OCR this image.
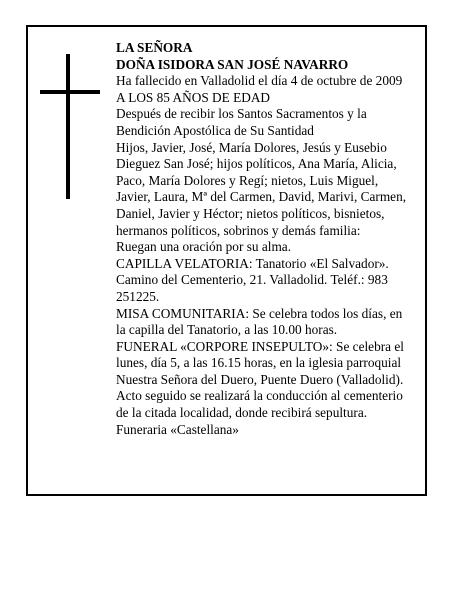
LA SEÑORA
DOÑA ISIDORA SAN JOSÉ NAVARRO
Ha fallecido en Valladolid el día 4 de octubre de 2009
A LOS 85 AÑOS DE EDAD
Después de recibir los Santos Sacramentos y la
Bendición Apostólica de Su Santidad
Hijos, Javier, José, María Dolores, Jesús y Eusebio
Dieguez San José; hijos políticos, Ana María, Alicia,
Paco, María Dolores y Regí; nietos, Luis Miguel,
Javier, Laura, Mª del Carmen, David, Marivi, Carmen,
Daniel, Javier y Héctor; nietos políticos, bisnietos,
hermanos políticos, sobrinos y demás familia:
Ruegan una oración por su alma.
CAPILLA VELATORIA: Tanatorio «El Salvador».
Camino del Cementerio, 21. Valladolid. Teléf.: 983
251225.
MISA COMUNITARIA: Se celebra todos los días, en
la capilla del Tanatorio, a las 10.00 horas.
FUNERAL «CORPORE INSEPULTO»: Se celebra el
lunes, día 5, a las 16.15 horas, en la iglesia parroquial
Nuestra Señora del Duero, Puente Duero (Valladolid).
Acto seguido se realizará la conducción al cementerio
de la citada localidad, donde recibirá sepultura.
Funeraria «Castellana»
